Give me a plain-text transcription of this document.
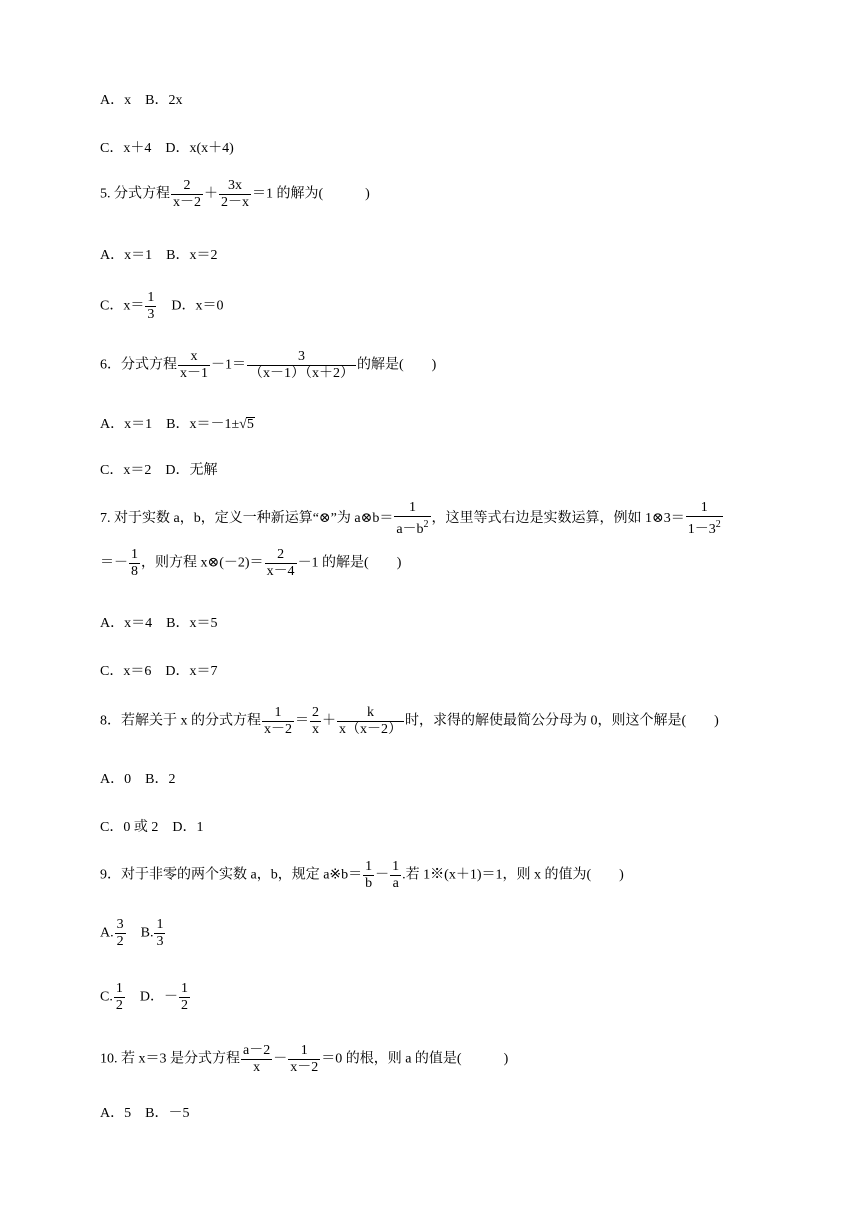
A．x　B．2x
C．x＋4　D．x(x＋4)
5. 分式方程 $\frac{2}{x-2} + \frac{3x}{2-x} =1$ 的解为(　　　)
A．x＝1　B．x＝2
C．$x= \frac{1}{3}$ 　D．x＝0
6．分式方程 $\frac{x}{x-1} -1= \frac{3}{(x-1)(x+2)}$ 的解是(　　)
A．x＝1　B．x＝－1±√5
C．x＝2　D．无解
7. 对于实数 a，b，定义一种新运算“⊗”为 a⊗b＝ $\frac{1}{a-b^2}$ ，这里等式右边是实数运算，例如 1⊗3＝ $\frac{1}{1-3^2}$
＝－ $\frac{1}{8}$ ，则方程 x⊗(－2)＝ $\frac{2}{x-4} -1$ 的解是(　　)
A．x＝4　B．x＝5
C．x＝6　D．x＝7
8．若解关于 x 的分式方程 $\frac{1}{x-2} = \frac{2}{x} + \frac{k}{x(x-2)}$ 时，求得的解使最简公分母为 0，则这个解是(　　)
A．0　B．2
C．0 或 2　D．1
9．对于非零的两个实数 a，b，规定 a※b＝ $\frac{1}{b} - \frac{1}{a}$ .若 1※(x＋1)＝1，则 x 的值为(　　)
A. $\frac{3}{2}$ 　B. $\frac{1}{3}$
C. $\frac{1}{2}$ 　D．－ $\frac{1}{2}$
10. 若 x＝3 是分式方程 $\frac{a-2}{x} - \frac{1}{x-2} =0$ 的根，则 a 的值是(　　　)
A．5　B．－5
